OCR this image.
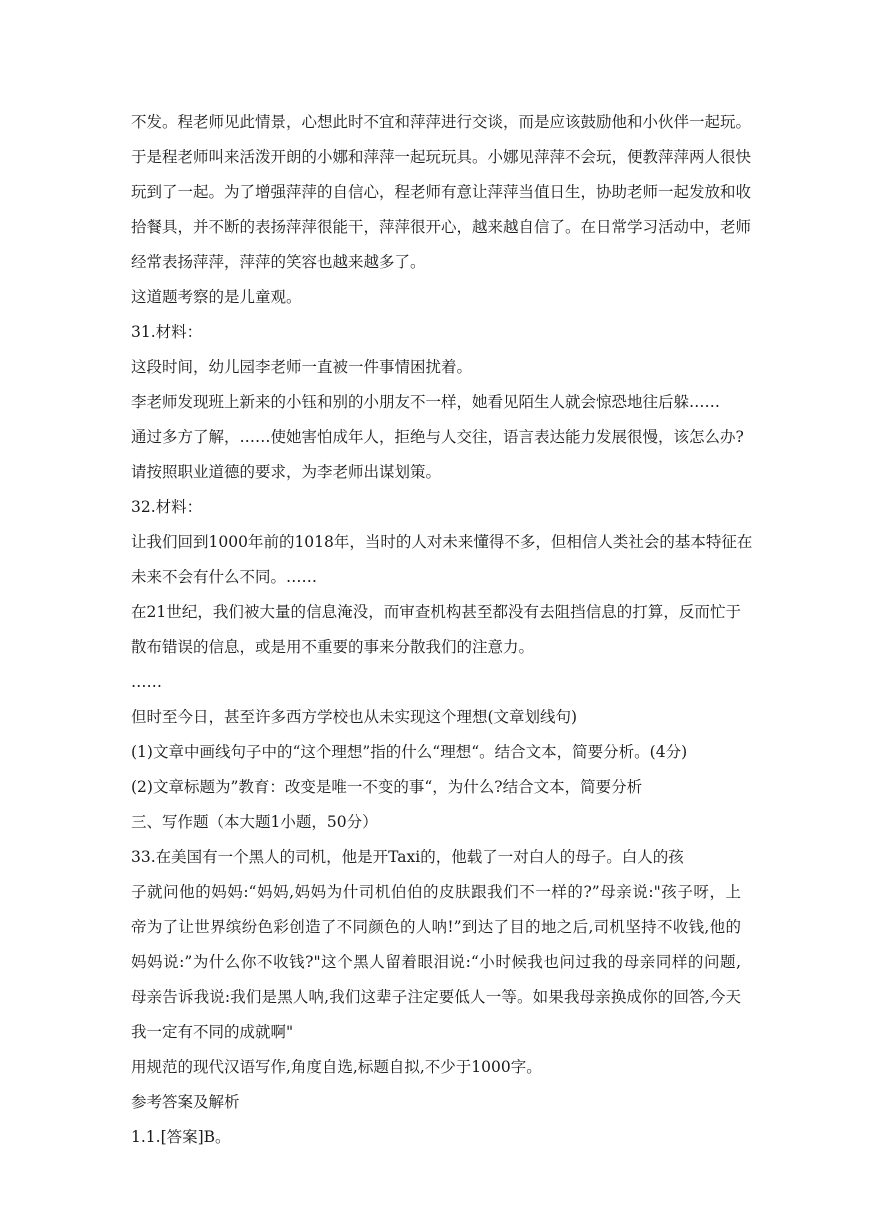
不发。程老师见此情景，心想此时不宜和萍萍进行交谈，而是应该鼓励他和小伙伴一起玩。
于是程老师叫来活泼开朗的小娜和萍萍一起玩玩具。小娜见萍萍不会玩，便教萍萍两人很快
玩到了一起。为了增强萍萍的自信心，程老师有意让萍萍当值日生，协助老师一起发放和收
拾餐具，并不断的表扬萍萍很能干，萍萍很开心，越来越自信了。在日常学习活动中，老师
经常表扬萍萍，萍萍的笑容也越来越多了。
这道题考察的是儿童观。
31.材料：
这段时间，幼儿园李老师一直被一件事情困扰着。
李老师发现班上新来的小钰和别的小朋友不一样，她看见陌生人就会惊恐地往后躲……
通过多方了解，……使她害怕成年人，拒绝与人交往，语言表达能力发展很慢，该怎么办?
请按照职业道德的要求，为李老师出谋划策。
32.材料：
让我们回到1000年前的1018年，当时的人对未来懂得不多，但相信人类社会的基本特征在
未来不会有什么不同。……
在21世纪，我们被大量的信息淹没，而审查机构甚至都没有去阻挡信息的打算，反而忙于
散布错误的信息，或是用不重要的事来分散我们的注意力。
……
但时至今日，甚至许多西方学校也从未实现这个理想(文章划线句)
(1)文章中画线句子中的“这个理想”指的什么“理想“。结合文本，简要分析。(4分)
(2)文章标题为”教育：改变是唯一不变的事“，为什么?结合文本，简要分析
三、写作题（本大题1小题，50分）
33.在美国有一个黑人的司机，他是开Taxi的，他载了一对白人的母子。白人的孩
子就问他的妈妈:“妈妈,妈妈为什司机伯伯的皮肤跟我们不一样的?”母亲说:"孩子呀，上
帝为了让世界缤纷色彩创造了不同颜色的人呐!”到达了目的地之后,司机坚持不收钱,他的
妈妈说:”为什么你不收钱?"这个黑人留着眼泪说:“小时候我也问过我的母亲同样的问题,
母亲告诉我说:我们是黑人呐,我们这辈子注定要低人一等。如果我母亲换成你的回答,今天
我一定有不同的成就啊"
用规范的现代汉语写作,角度自选,标题自拟,不少于1000字。
参考答案及解析
1.1.[答案]B。
